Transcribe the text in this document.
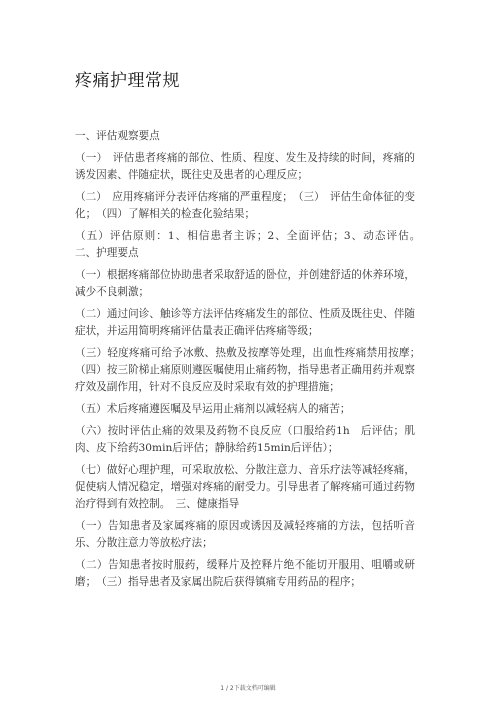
疼痛护理常规

一、评估观察要点

（一）　评估患者疼痛的部位、性质、程度、发生及持续的时间，疼痛的诱发因素、伴随症状，既往史及患者的心理反应；

（二）　应用疼痛评分表评估疼痛的严重程度；　（三）　评估生命体征的变化；　（四）了解相关的检查化验结果；

（五）评估原则：1、相信患者主诉；2、全面评估；3、动态评估。　二、护理要点

（一）根据疼痛部位协助患者采取舒适的卧位，并创建舒适的休养环境，减少不良刺激；

（二）通过问诊、触诊等方法评估疼痛发生的部位、性质及既往史、伴随症状，并运用简明疼痛评估量表正确评估疼痛等级；

（三）轻度疼痛可给予冰敷、热敷及按摩等处理，出血性疼痛禁用按摩；　（四）按三阶梯止痛原则遵医嘱使用止痛药物，指导患者正确用药并观察疗效及副作用，针对不良反应及时采取有效的护理措施；

（五）术后疼痛遵医嘱及早运用止痛剂以减轻病人的痛苦；

（六）按时评估止痛的效果及药物不良反应（口服给药1h　后评估；肌肉、皮下给药30min后评估；静脉给药15min后评估）；

（七）做好心理护理，可采取放松、分散注意力、音乐疗法等减轻疼痛，促使病人情况稳定，增强对疼痛的耐受力。引导患者了解疼痛可通过药物治疗得到有效控制。　三、健康指导

（一）告知患者及家属疼痛的原因或诱因及减轻疼痛的方法，包括听音乐、分散注意力等放松疗法；

（二）告知患者按时服药，缓释片及控释片绝不能切开服用、咀嚼或研磨；　（三）指导患者及家属出院后获得镇痛专用药品的程序；

1 / 2下载文档可编辑
